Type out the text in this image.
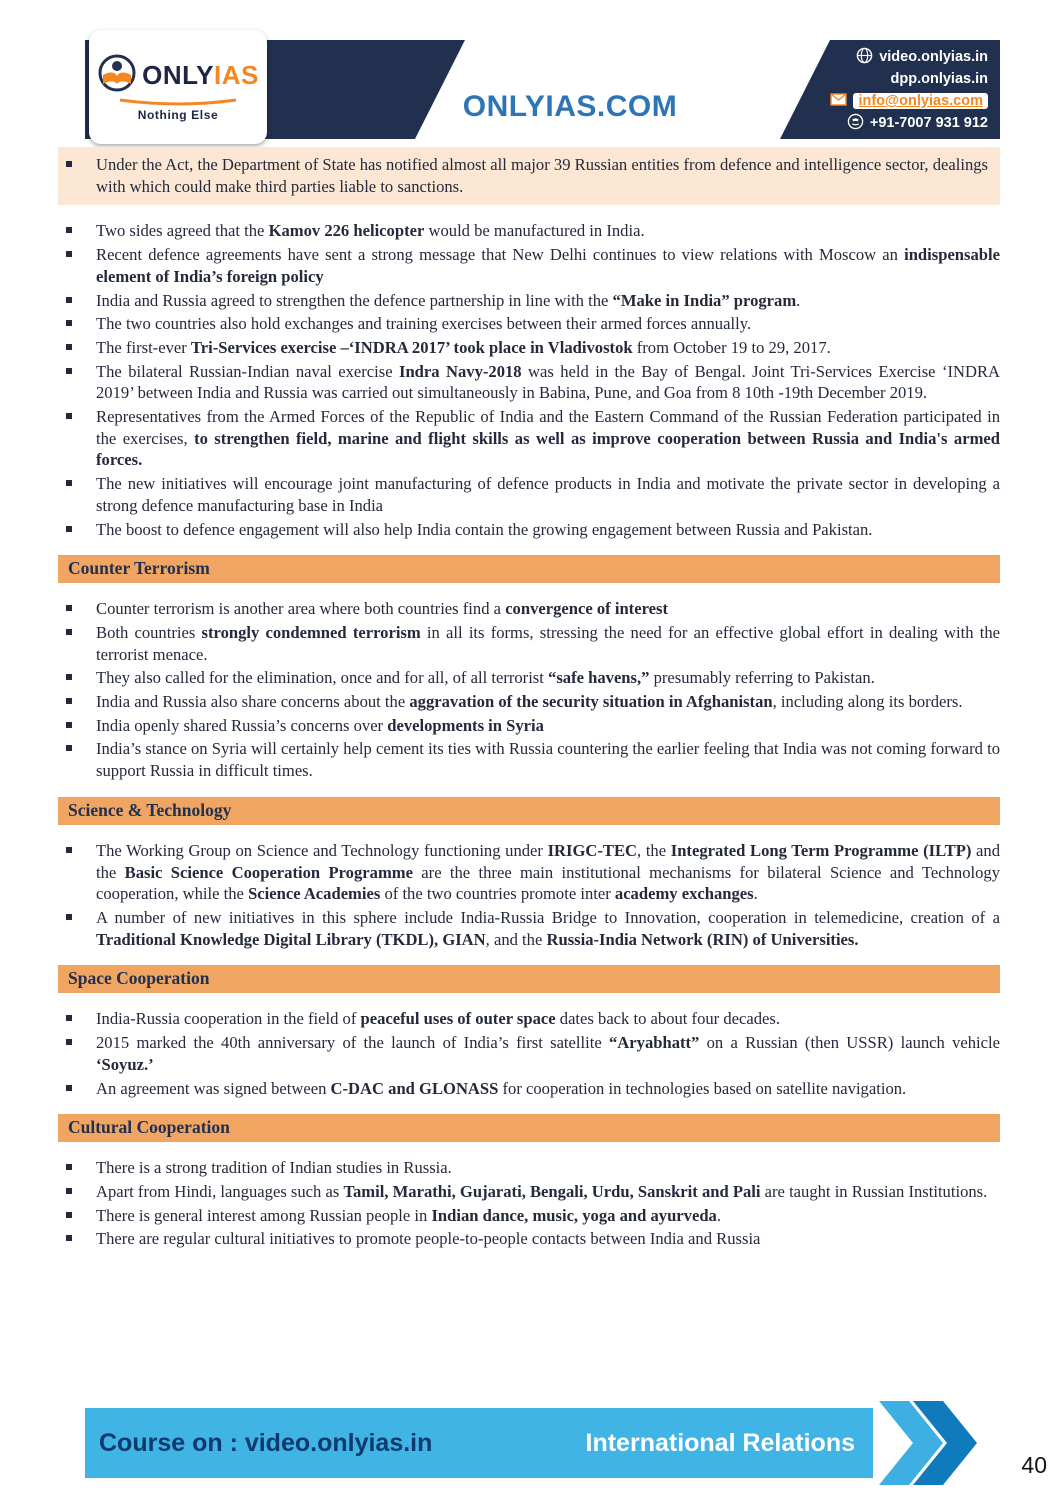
ONLYIAS
Nothing Else	ONLYIAS.COM
video.onlyias.in
dpp.onlyias.in
info@onlyias.com
+91-7007 931 912
Under the Act, the Department of State has notified almost all major 39 Russian entities from defence and intelligence sector, dealings with which could make third parties liable to sanctions.
Two sides agreed that the Kamov 226 helicopter would be manufactured in India.
Recent defence agreements have sent a strong message that New Delhi continues to view relations with Moscow an indispensable element of India’s foreign policy
India and Russia agreed to strengthen the defence partnership in line with the “Make in India” program.
The two countries also hold exchanges and training exercises between their armed forces annually.
The first-ever Tri-Services exercise –‘INDRA 2017’ took place in Vladivostok from October 19 to 29, 2017.
The bilateral Russian-Indian naval exercise Indra Navy-2018 was held in the Bay of Bengal. Joint Tri-Services Exercise ‘INDRA 2019’ between India and Russia was carried out simultaneously in Babina, Pune, and Goa from 8 10th -19th December 2019.
Representatives from the Armed Forces of the Republic of India and the Eastern Command of the Russian Federation participated in the exercises, to strengthen field, marine and flight skills as well as improve cooperation between Russia and India's armed forces.
The new initiatives will encourage joint manufacturing of defence products in India and motivate the private sector in developing a strong defence manufacturing base in India
The boost to defence engagement will also help India contain the growing engagement between Russia and Pakistan.
Counter Terrorism
Counter terrorism is another area where both countries find a convergence of interest
Both countries strongly condemned terrorism in all its forms, stressing the need for an effective global effort in dealing with the terrorist menace.
They also called for the elimination, once and for all, of all terrorist “safe havens,” presumably referring to Pakistan.
India and Russia also share concerns about the aggravation of the security situation in Afghanistan, including along its borders.
India openly shared Russia’s concerns over developments in Syria
India’s stance on Syria will certainly help cement its ties with Russia countering the earlier feeling that India was not coming forward to support Russia in difficult times.
Science & Technology
The Working Group on Science and Technology functioning under IRIGC-TEC, the Integrated Long Term Programme (ILTP) and the Basic Science Cooperation Programme are the three main institutional mechanisms for bilateral Science and Technology cooperation, while the Science Academies of the two countries promote inter academy exchanges.
A number of new initiatives in this sphere include India-Russia Bridge to Innovation, cooperation in telemedicine, creation of a Traditional Knowledge Digital Library (TKDL), GIAN, and the Russia-India Network (RIN) of Universities.
Space Cooperation
India-Russia cooperation in the field of peaceful uses of outer space dates back to about four decades.
2015 marked the 40th anniversary of the launch of India’s first satellite “Aryabhatt” on a Russian (then USSR) launch vehicle ‘Soyuz.’
An agreement was signed between C-DAC and GLONASS for cooperation in technologies based on satellite navigation.
Cultural Cooperation
There is a strong tradition of Indian studies in Russia.
Apart from Hindi, languages such as Tamil, Marathi, Gujarati, Bengali, Urdu, Sanskrit and Pali are taught in Russian Institutions.
There is general interest among Russian people in Indian dance, music, yoga and ayurveda.
There are regular cultural initiatives to promote people-to-people contacts between India and Russia
Course on : video.onlyias.in	International Relations
40
